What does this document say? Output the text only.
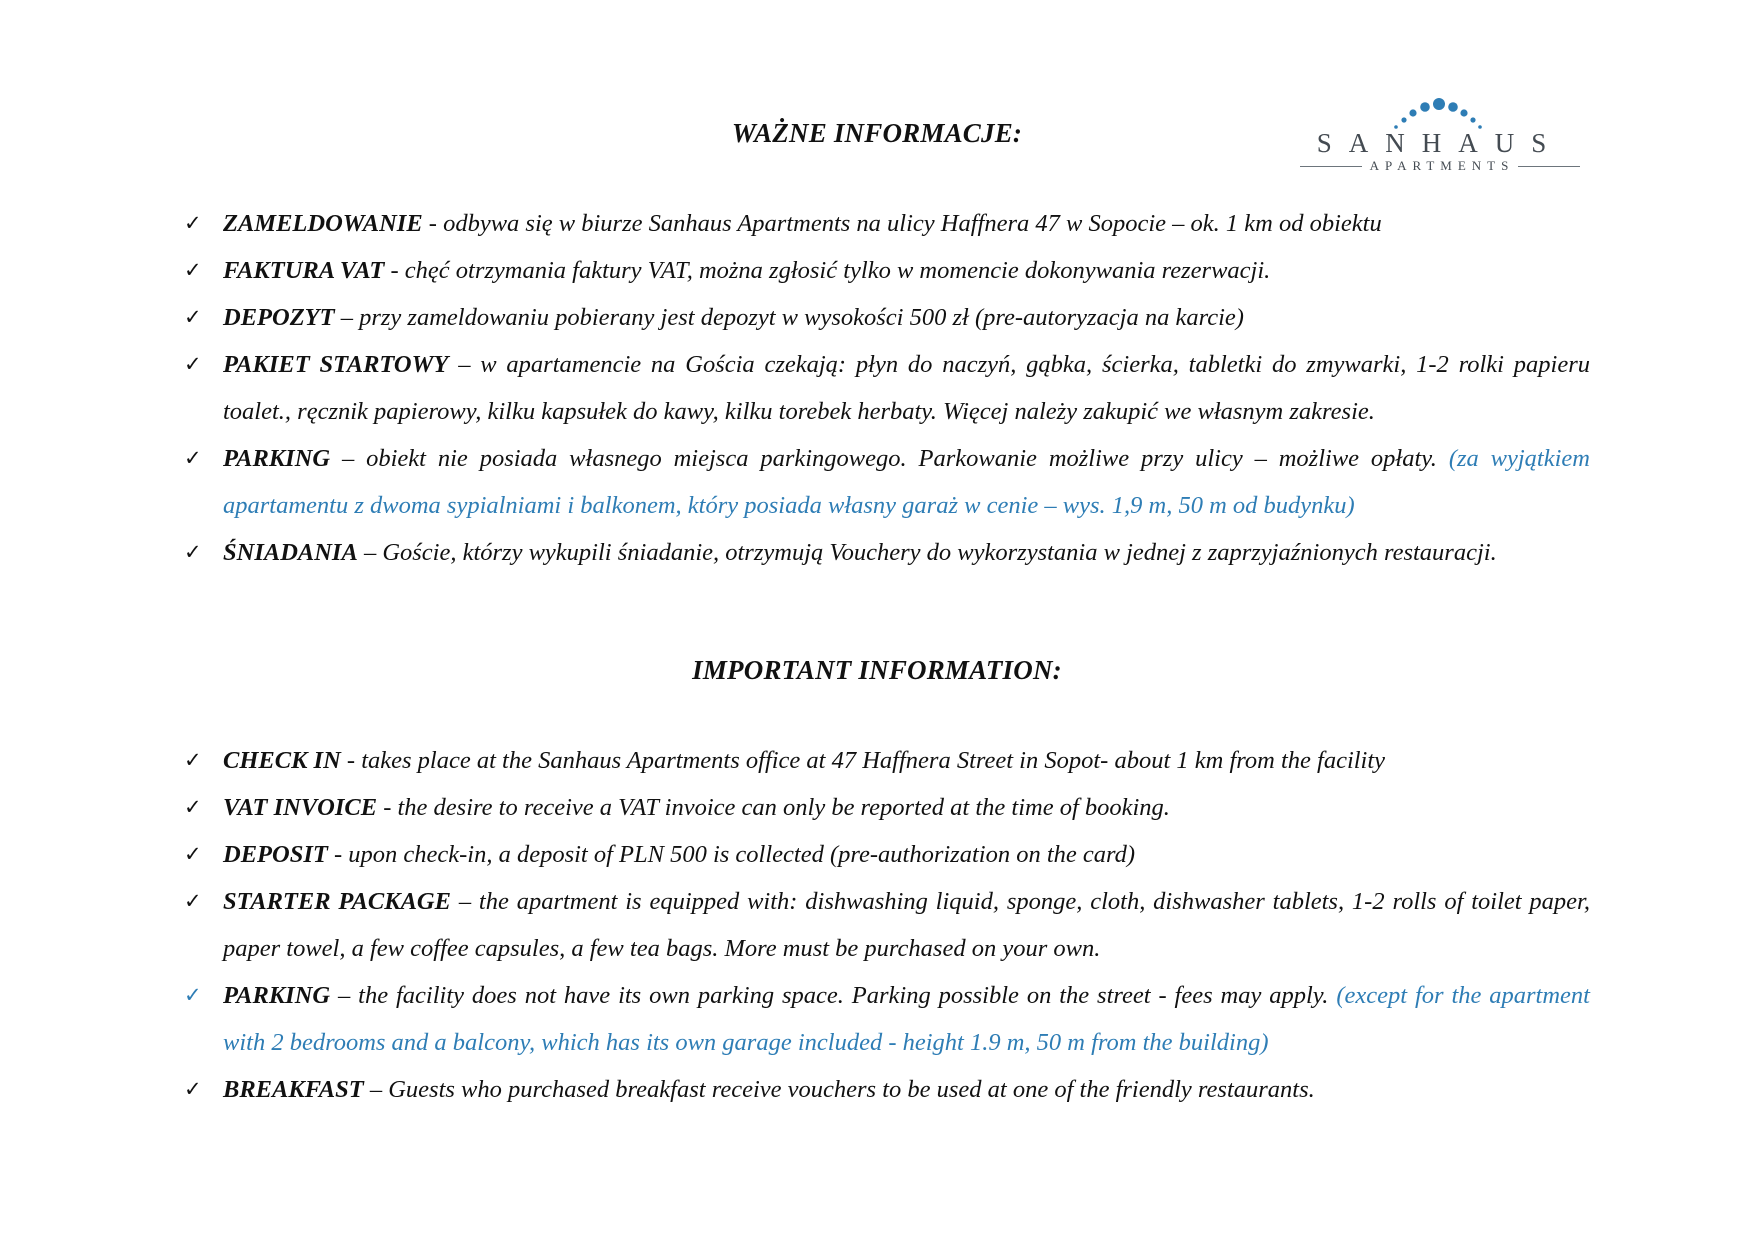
SANHAUS
APARTMENTS
WAŻNE INFORMACJE:
✓ ZAMELDOWANIE - odbywa się w biurze Sanhaus Apartments na ulicy Haffnera 47 w Sopocie – ok. 1 km od obiektu
✓ FAKTURA VAT - chęć otrzymania faktury VAT, można zgłosić tylko w momencie dokonywania rezerwacji.
✓ DEPOZYT – przy zameldowaniu pobierany jest depozyt w wysokości 500 zł (pre-autoryzacja na karcie)
✓ PAKIET STARTOWY – w apartamencie na Gościa czekają: płyn do naczyń, gąbka, ścierka, tabletki do zmywarki, 1-2 rolki papieru toalet., ręcznik papierowy, kilku kapsułek do kawy, kilku torebek herbaty. Więcej należy zakupić we własnym zakresie.
✓ PARKING – obiekt nie posiada własnego miejsca parkingowego. Parkowanie możliwe przy ulicy – możliwe opłaty. (za wyjątkiem apartamentu z dwoma sypialniami i balkonem, który posiada własny garaż w cenie – wys. 1,9 m, 50 m od budynku)
✓ ŚNIADANIA – Goście, którzy wykupili śniadanie, otrzymują Vouchery do wykorzystania w jednej z zaprzyjaźnionych restauracji.
IMPORTANT INFORMATION:
✓ CHECK IN - takes place at the Sanhaus Apartments office at 47 Haffnera Street in Sopot- about 1 km from the facility
✓ VAT INVOICE - the desire to receive a VAT invoice can only be reported at the time of booking.
✓ DEPOSIT - upon check-in, a deposit of PLN 500 is collected (pre-authorization on the card)
✓ STARTER PACKAGE – the apartment is equipped with: dishwashing liquid, sponge, cloth, dishwasher tablets, 1-2 rolls of toilet paper, paper towel, a few coffee capsules, a few tea bags. More must be purchased on your own.
✓ PARKING – the facility does not have its own parking space. Parking possible on the street - fees may apply. (except for the apartment with 2 bedrooms and a balcony, which has its own garage included - height 1.9 m, 50 m from the building)
✓ BREAKFAST – Guests who purchased breakfast receive vouchers to be used at one of the friendly restaurants.
